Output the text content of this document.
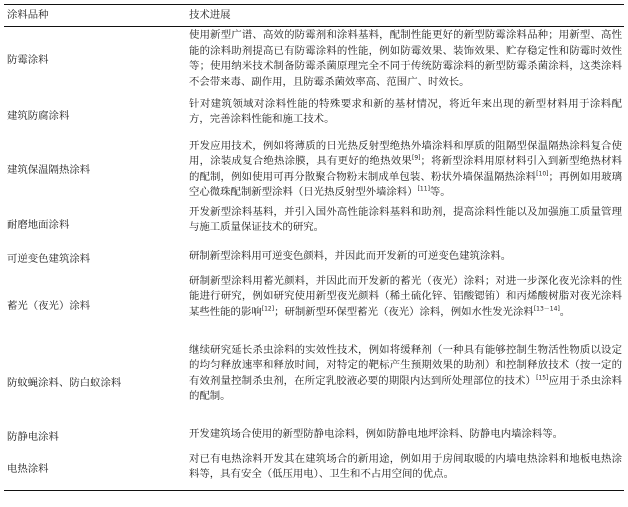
涂料品种	技术进展
防霉涂料	使用新型广谱、高效的防霉剂和涂料基料，配制性能更好的新型防霉涂料品种；用新型、高性能的涂料助剂提高已有防霉涂料的性能，例如防霉效果、装饰效果、贮存稳定性和防霉时效性等；使用纳米技术制备防霉杀菌原理完全不同于传统防霉涂料的新型防霉杀菌涂料，这类涂料不会带来毒、副作用，且防霉杀菌效率高、范围广、时效长。
建筑防腐涂料	针对建筑领域对涂料性能的特殊要求和新的基材情况，将近年来出现的新型材料用于涂料配方，完善涂料性能和施工技术。
建筑保温隔热涂料	开发应用技术，例如将薄质的日光热反射型绝热外墙涂料和厚质的阻隔型保温隔热涂料复合使用，涂装成复合绝热涂膜，具有更好的绝热效果[9]；将新型涂料用原材料引入到新型绝热材料的配制，例如使用可再分散聚合物粉末制成单包装、粉状外墙保温隔热涂料[10]；再例如用玻璃空心微珠配制新型涂料（日光热反射型外墙涂料）[11]等。
耐磨地面涂料	开发新型涂料基料，并引入国外高性能涂料基料和助剂，提高涂料性能以及加强施工质量管理与施工质量保证技术的研究。
可逆变色建筑涂料	研制新型涂料用可逆变色颜料，并因此而开发新的可逆变色建筑涂料。
蓄光（夜光）涂料	研制新型涂料用蓄光颜料，并因此而开发新的蓄光（夜光）涂料；对进一步深化夜光涂料的性能进行研究，例如研究使用新型夜光颜料（稀土硫化锌、铝酸锶铕）和丙烯酸树脂对夜光涂料某些性能的影响[12]；研制新型环保型蓄光（夜光）涂料，例如水性发光涂料[13－14]。
防蚊蝇涂料、防白蚁涂料	继续研究延长杀虫涂料的实效性技术，例如将缓释剂（一种具有能够控制生物活性物质以设定的均匀释放速率和释放时间，对特定的靶标产生预期效果的助剂）和控制释放技术（按一定的有效剂量控制杀虫剂，在所定乳胶液必要的期限内达到所处理部位的技术）[15]应用于杀虫涂料的配制。
防静电涂料	开发建筑场合使用的新型防静电涂料，例如防静电地坪涂料、防静电内墙涂料等。
电热涂料	对已有电热涂料开发其在建筑场合的新用途，例如用于房间取暖的内墙电热涂料和地板电热涂料等，具有安全（低压用电）、卫生和不占用空间的优点。
